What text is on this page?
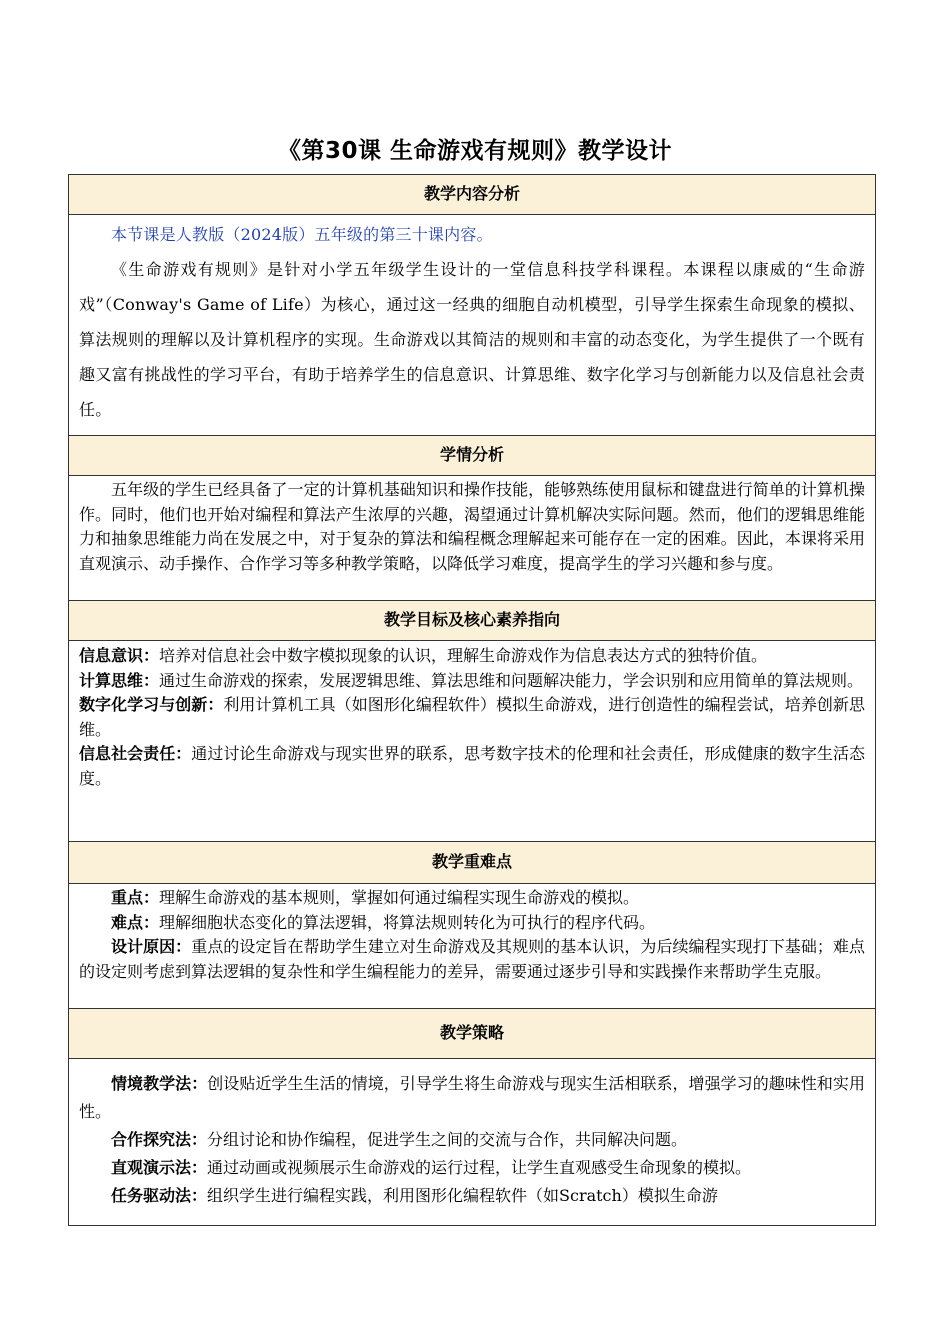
《第30课 生命游戏有规则》教学设计
教学内容分析

本节课是人教版（2024版）五年级的第三十课内容。

《生命游戏有规则》是针对小学五年级学生设计的一堂信息科技学科课程。本课程以康威的“生命游戏”（Conway's Game of Life）为核心，通过这一经典的细胞自动机模型，引导学生探索生命现象的模拟、算法规则的理解以及计算机程序的实现。生命游戏以其简洁的规则和丰富的动态变化，为学生提供了一个既有趣又富有挑战性的学习平台，有助于培养学生的信息意识、计算思维、数字化学习与创新能力以及信息社会责任。

学情分析

五年级的学生已经具备了一定的计算机基础知识和操作技能，能够熟练使用鼠标和键盘进行简单的计算机操作。同时，他们也开始对编程和算法产生浓厚的兴趣，渴望通过计算机解决实际问题。然而，他们的逻辑思维能力和抽象思维能力尚在发展之中，对于复杂的算法和编程概念理解起来可能存在一定的困难。因此，本课将采用直观演示、动手操作、合作学习等多种教学策略，以降低学习难度，提高学生的学习兴趣和参与度。

教学目标及核心素养指向

信息意识：培养对信息社会中数字模拟现象的认识，理解生命游戏作为信息表达方式的独特价值。

计算思维：通过生命游戏的探索，发展逻辑思维、算法思维和问题解决能力，学会识别和应用简单的算法规则。

数字化学习与创新：利用计算机工具（如图形化编程软件）模拟生命游戏，进行创造性的编程尝试，培养创新思维。

信息社会责任：通过讨论生命游戏与现实世界的联系，思考数字技术的伦理和社会责任，形成健康的数字生活态度。

教学重难点

重点：理解生命游戏的基本规则，掌握如何通过编程实现生命游戏的模拟。

难点：理解细胞状态变化的算法逻辑，将算法规则转化为可执行的程序代码。

设计原因：重点的设定旨在帮助学生建立对生命游戏及其规则的基本认识，为后续编程实现打下基础；难点的设定则考虑到算法逻辑的复杂性和学生编程能力的差异，需要通过逐步引导和实践操作来帮助学生克服。

教学策略

情境教学法：创设贴近学生生活的情境，引导学生将生命游戏与现实生活相联系，增强学习的趣味性和实用性。

合作探究法：分组讨论和协作编程，促进学生之间的交流与合作，共同解决问题。

直观演示法：通过动画或视频展示生命游戏的运行过程，让学生直观感受生命现象的模拟。

任务驱动法：组织学生进行编程实践，利用图形化编程软件（如Scratch）模拟生命游
